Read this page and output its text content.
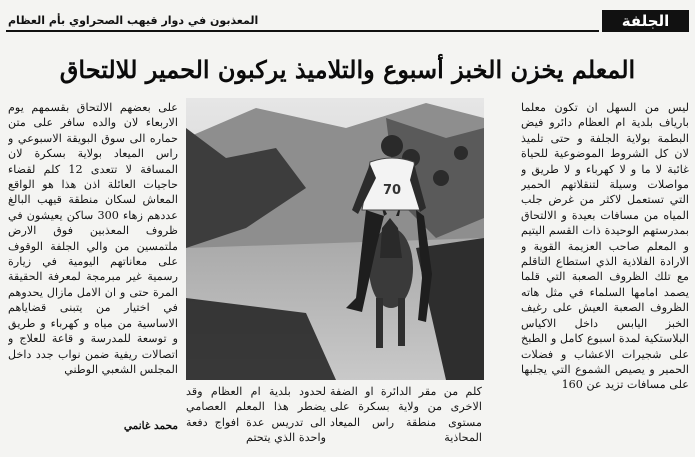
الجلفة
المعذبون في دوار قيهب الصحراوي بأم العظام
المعلم يخزن الخبز أسبوع والتلاميذ يركبون الحمير للالتحاق
ليس من السهل ان تكون معلما بارياف بلدية ام العظام دائرو فيض البطمة بولاية الجلفة و حتى تلميذ لان كل الشروط الموضوعية للحياة غائبة لا ما و لا كهرباء و لا طريق و مواصلات وسيلة لتنقلاتهم الحمير التي تستعمل لاكثر من غرض جلب المياه من مسافات بعيدة و الالتحاق بمدرستهم الوحيدة ذات القسم اليتيم و المعلم صاحب العزيمة القوية و الارادة الفلاذية الذي استطاع التاقلم مع تلك الظروف الصعبة التي قلما يصمد امامها السلماء في مثل هاته الظروف الصعبة العيش على رغيف الخبز اليابس داخل الاكياس البلاستكية لمدة اسبوع كامل و الطبخ على شجيرات الاعشاب و فضلات الحمير و يصيص الشموع التي يجلبها على مسافات تزيد عن 160
70
كلم من مقر الدائرة او الضفة الاخرى من ولاية بسكرة على مستوى منطقة راس الميعاد المحاذية
لحدود بلدية ام العظام وقد يضطر هذا المعلم العصامي الى تدريس عدة افواج دفعة واحدة الذي يتحتم
على بعضهم الالتحاق بقسمهم يوم الاربعاء لان والده سافر على متن حماره الى سوق البويقة الاسبوعي و راس الميعاد بولاية بسكرة لان المسافة لا تتعدى 12 كلم لقضاء حاجيات العائلة اذن هذا هو الواقع المعاش لسكان منطقة قيهب البالغ عددهم زهاء 300 ساكن يعيشون في ظروف المعذبين فوق الارض ملتمسين من والي الجلفة الوقوف على معاناتهم اليومية في زيارة رسمية غير مبرمجة لمعرفة الحقيقة المرة حتى و ان الامل مازال يحدوهم في اختيار من يتبنى قضاياهم الاساسية من مياه و كهرباء و طريق و توسعة للمدرسة و قاعة للعلاج و اتصالات ريفية ضمن نواب جدد داخل المجلس الشعبي الوطني
محمد غانمي
